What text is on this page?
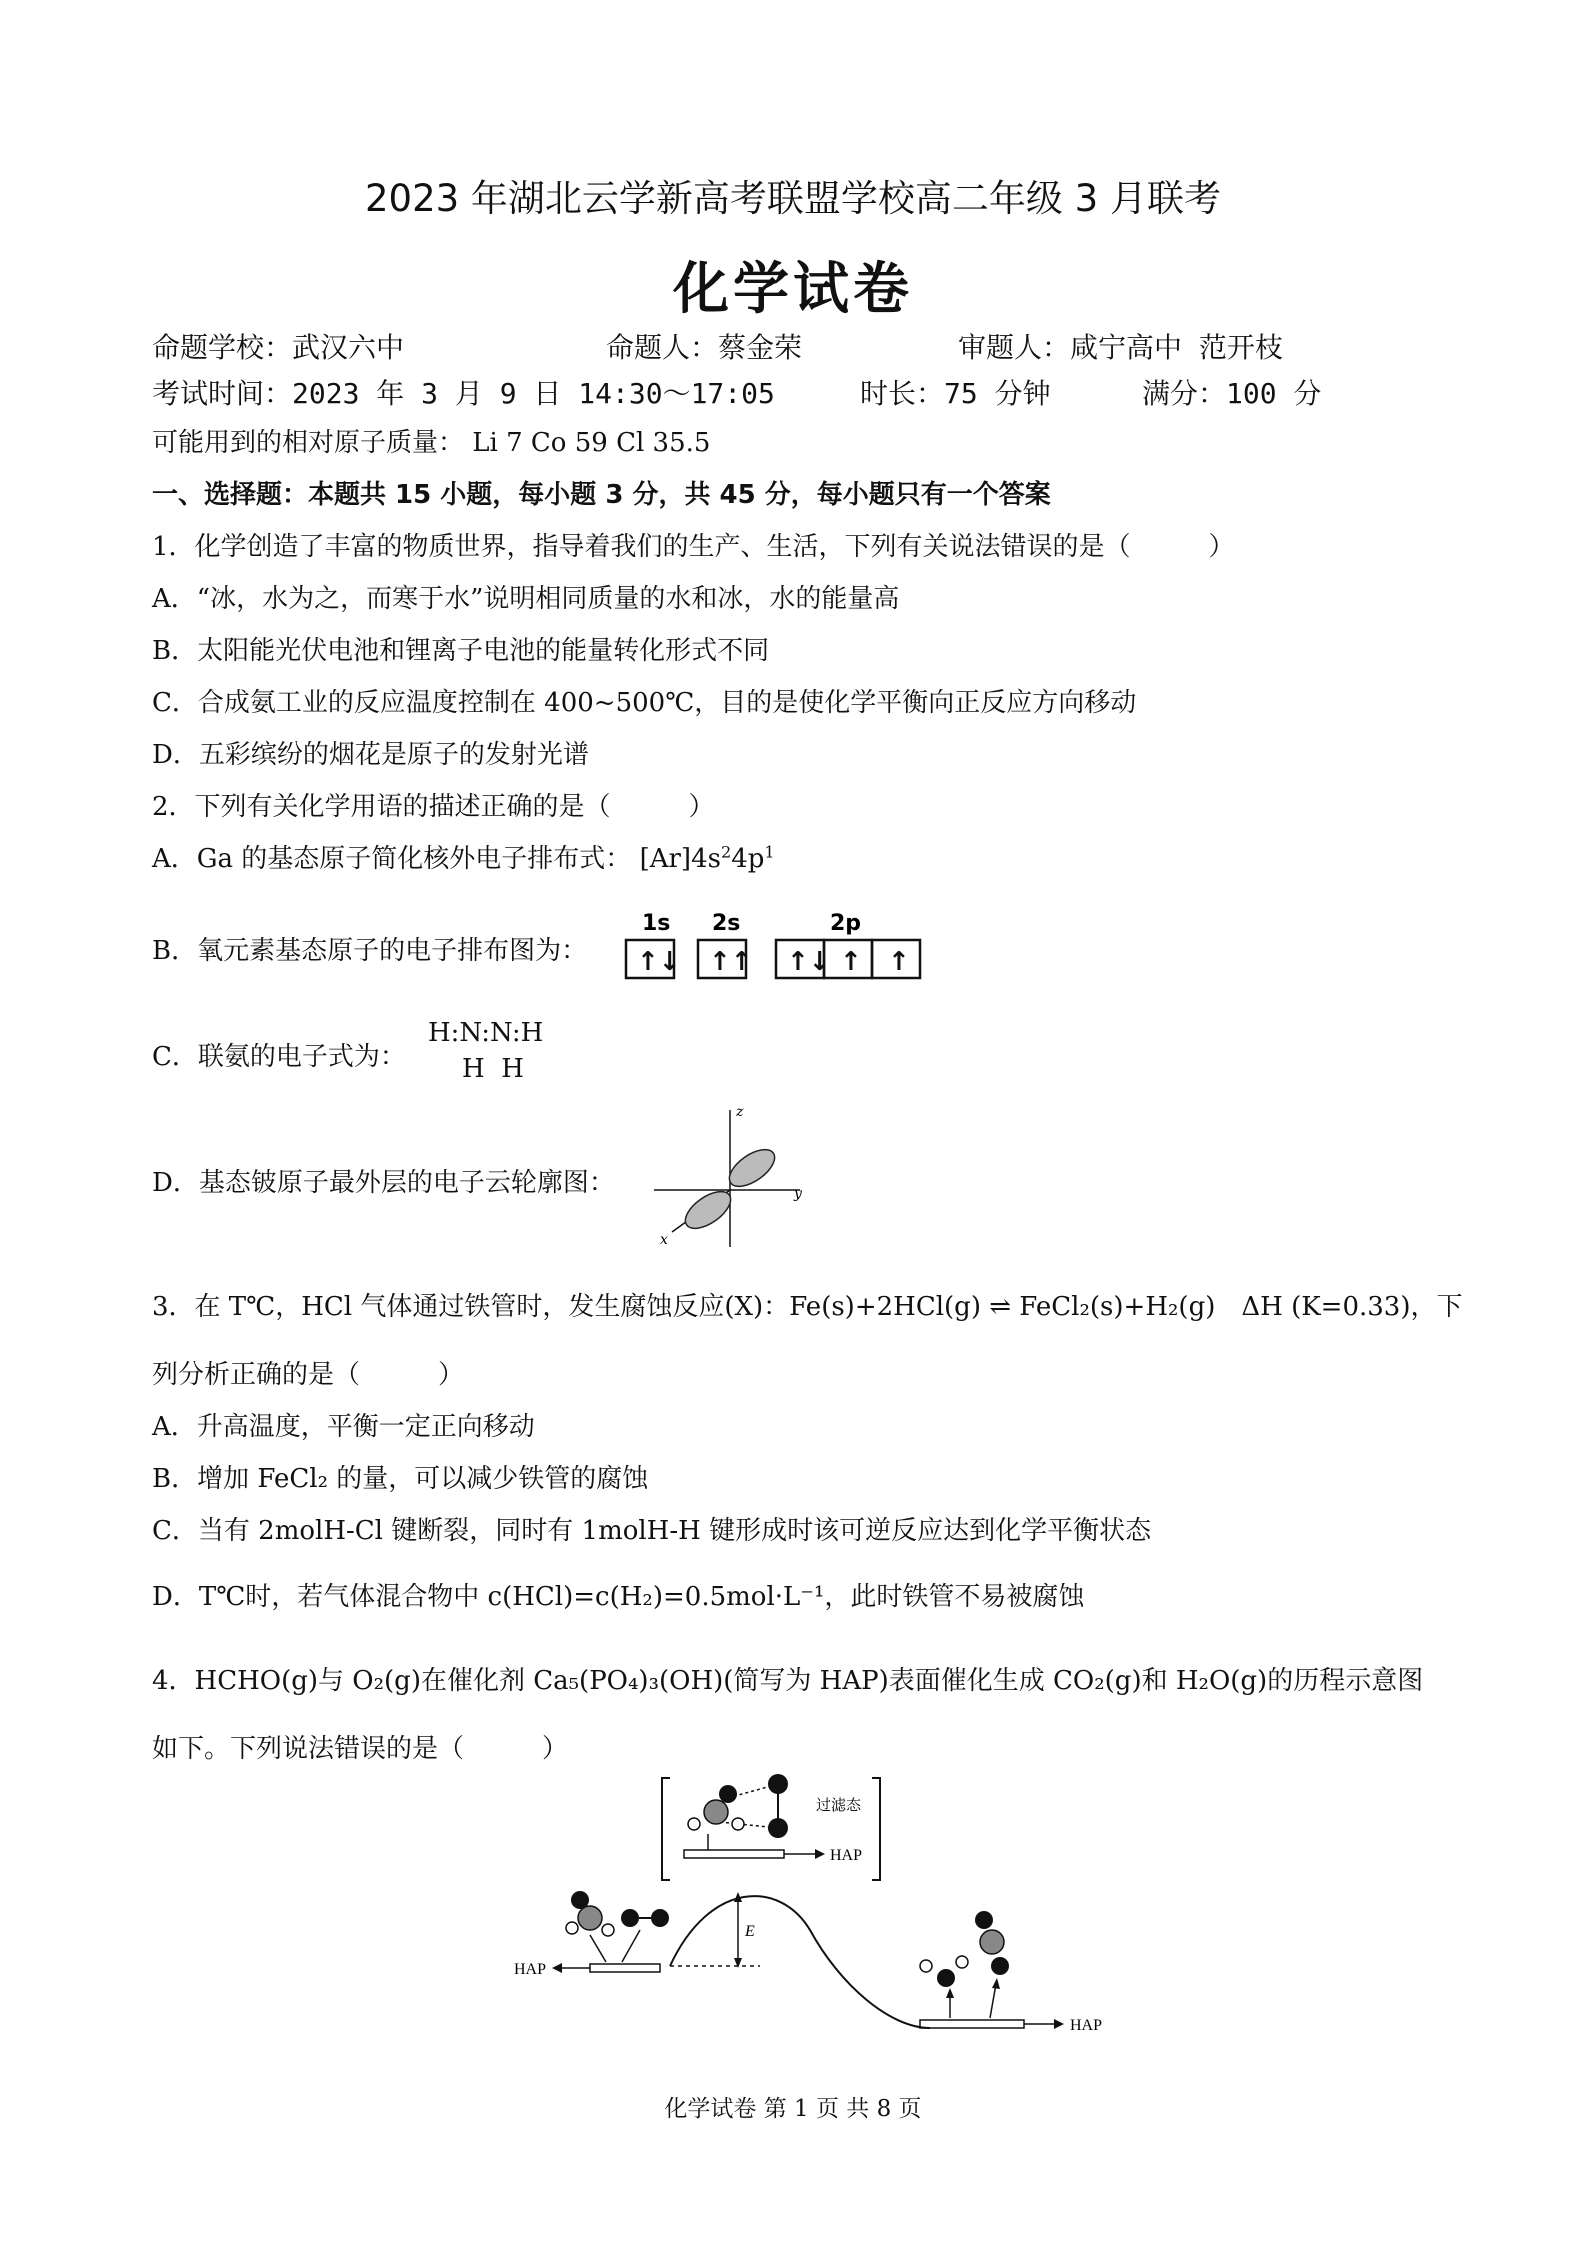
2023 年湖北云学新高考联盟学校高二年级 3 月联考
化学试卷
命题学校：武汉六中	命题人：蔡金荣	审题人：咸宁高中 范开枝
考试时间：2023 年 3 月 9 日 14:30～17:05	时长：75 分钟	满分：100 分
可能用到的相对原子质量： Li 7 Co 59 Cl 35.5
一、选择题：本题共 15 小题，每小题 3 分，共 45 分，每小题只有一个答案
1．化学创造了丰富的物质世界，指导着我们的生产、生活，下列有关说法错误的是（　　　）
A．“冰，水为之，而寒于水”说明相同质量的水和冰，水的能量高
B．太阳能光伏电池和锂离子电池的能量转化形式不同
C．合成氨工业的反应温度控制在 400~500℃，目的是使化学平衡向正反应方向移动
D．五彩缤纷的烟花是原子的发射光谱
2．下列有关化学用语的描述正确的是（　　　）
A．Ga 的基态原子简化核外电子排布式： $[Ar]4s^24p^1$
B．氧元素基态原子的电子排布图为：
1s 2s	2p
↑↓ ↑↑ ↑↓ ↑ ↑
C．联氨的电子式为：
H:N:N:H
H  H
D．基态铍原子最外层的电子云轮廓图：
z
y
x
3．在 T℃，HCl 气体通过铁管时，发生腐蚀反应(X)：Fe(s)+2HCl(g) ⇌ FeCl₂(s)+H₂(g)　 ΔH (K=0.33)，下
列分析正确的是（　　　）
A．升高温度，平衡一定正向移动
B．增加 FeCl₂ 的量，可以减少铁管的腐蚀
C．当有 2molH-Cl 键断裂，同时有 1molH-H 键形成时该可逆反应达到化学平衡状态
D．T℃时，若气体混合物中 c(HCl)=c(H₂)=0.5mol·L⁻¹，此时铁管不易被腐蚀
4．HCHO(g)与 O₂(g)在催化剂 Ca₅(PO₄)₃(OH)(简写为 HAP)表面催化生成 CO₂(g)和 H₂O(g)的历程示意图
如下。下列说法错误的是（　　　）
HAP
过滤态
HAP
E
HAP
化学试卷 第 1 页 共 8 页
